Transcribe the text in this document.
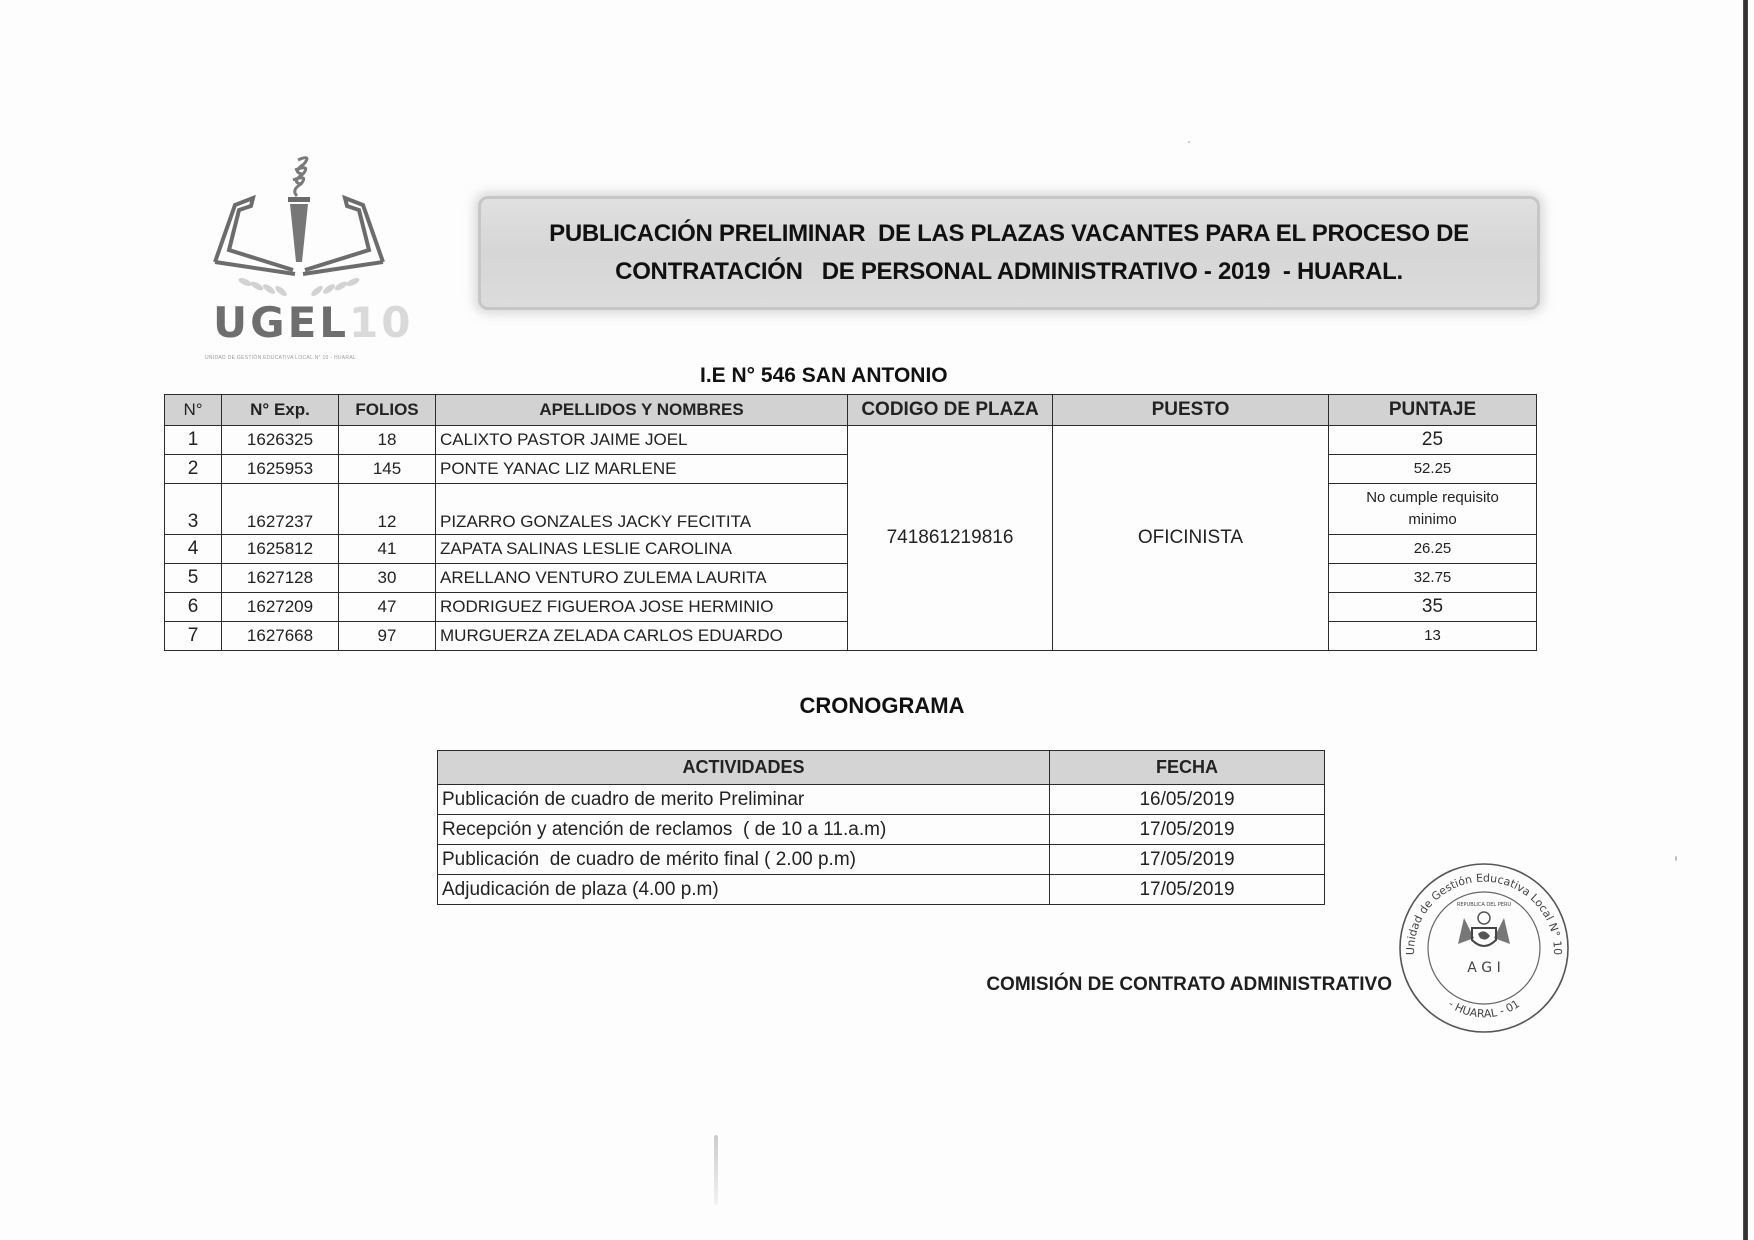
UGEL10
UNIDAD DE GESTIÓN EDUCATIVA LOCAL N° 10 - HUARAL
PUBLICACIÓN PRELIMINAR  DE LAS PLAZAS VACANTES PARA EL PROCESO DE
CONTRATACIÓN   DE PERSONAL ADMINISTRATIVO - 2019  - HUARAL.
I.E N° 546 SAN ANTONIO
N°	N° Exp.	FOLIOS	APELLIDOS Y NOMBRES	CODIGO DE PLAZA	PUESTO	PUNTAJE
1	1626325	18	CALIXTO PASTOR JAIME JOEL	741861219816	OFICINISTA	25
2	1625953	145	PONTE YANAC LIZ MARLENE			52.25
3	1627237	12	PIZARRO GONZALES JACKY FECITITA			No cumple requisito
minimo

4	1625812	41	ZAPATA SALINAS LESLIE CAROLINA			26.25
5	1627128	30	ARELLANO VENTURO ZULEMA LAURITA			32.75
6	1627209	47	RODRIGUEZ FIGUEROA JOSE HERMINIO			35
7	1627668	97	MURGUERZA ZELADA CARLOS EDUARDO			13
CRONOGRAMA
ACTIVIDADES	FECHA
Publicación de cuadro de merito Preliminar	16/05/2019
Recepción y atención de reclamos  ( de 10 a 11.a.m)	17/05/2019
Publicación  de cuadro de mérito final ( 2.00 p.m)	17/05/2019
Adjudicación de plaza (4.00 p.m)	17/05/2019
COMISIÓN DE CONTRATO ADMINISTRATIVO
Unidad de Gestión Educativa Local N° 10
- HUARAL - 01
REPUBLICA DEL PERU
A G I
